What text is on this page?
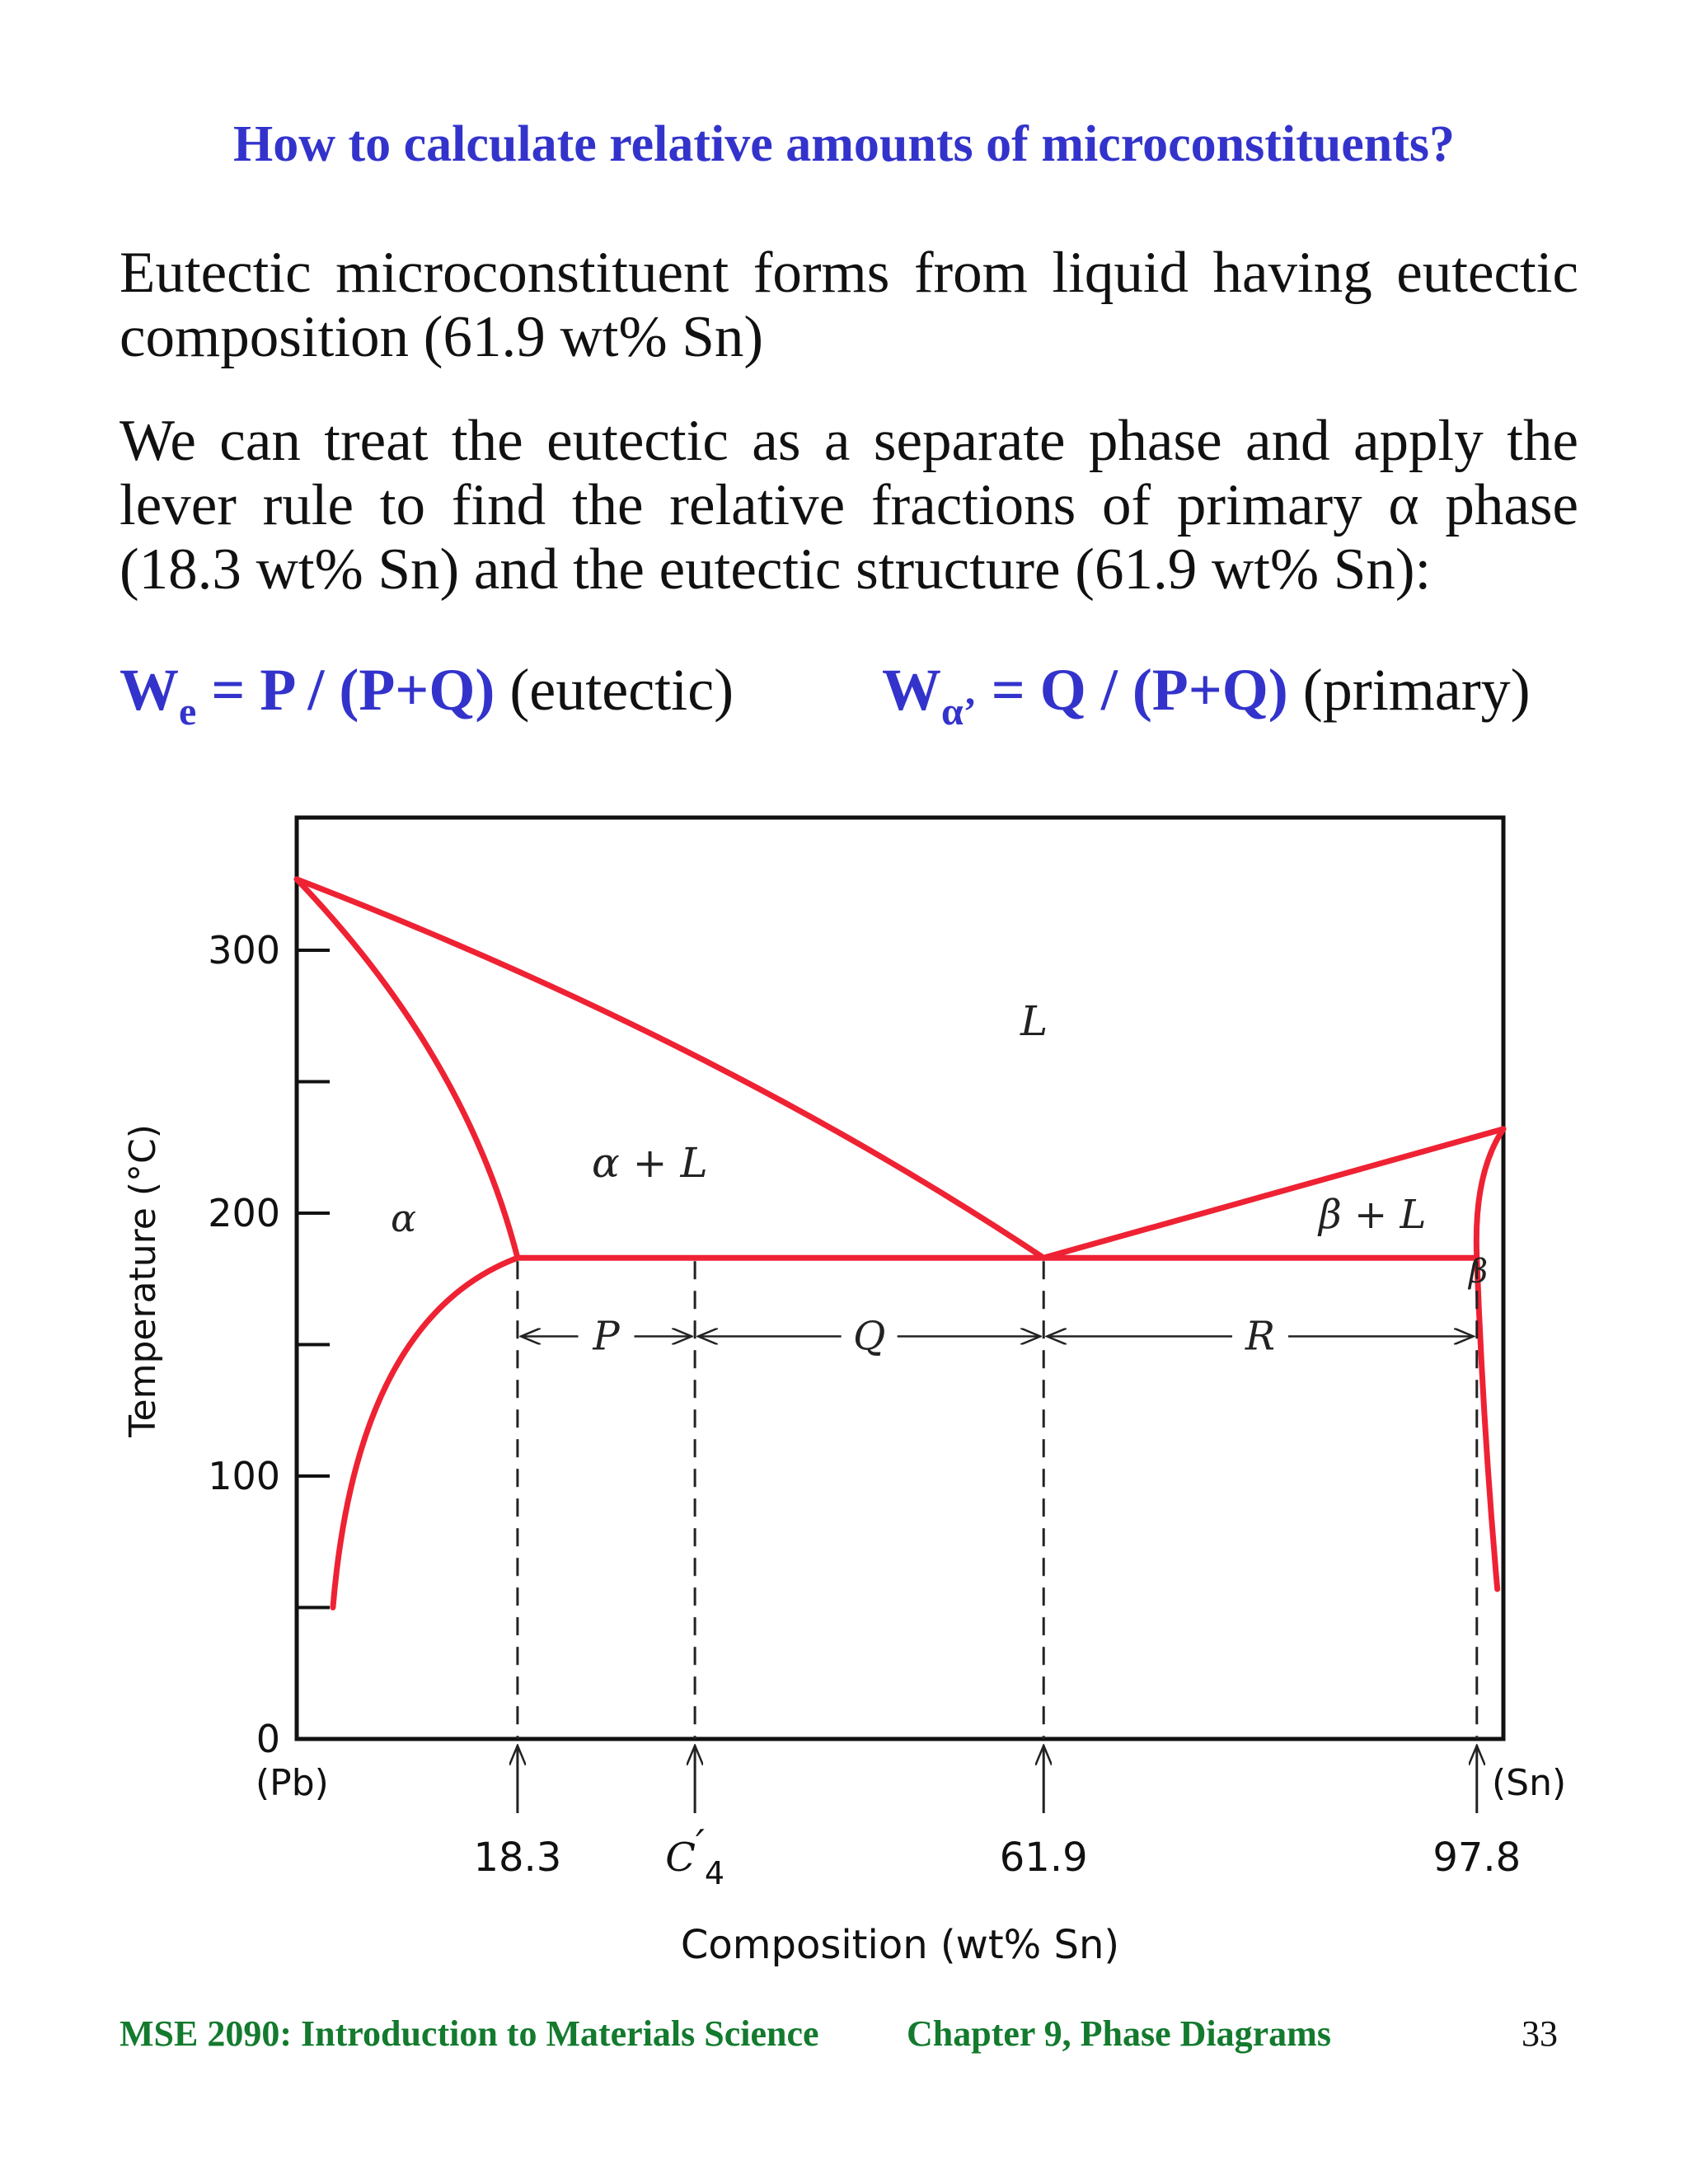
How to calculate relative amounts of microconstituents?
Eutectic microconstituent forms from liquid having eutectic composition (61.9 wt% Sn)
We can treat the eutectic as a separate phase and apply the lever rule to find the relative fractions of primary α phase (18.3 wt% Sn) and the eutectic structure (61.9 wt% Sn):
$W_e = P / (P+Q)$ (eutectic) $W_{\alpha’} = Q / (P+Q)$ (primary)
0
100
200
300
18.3	$C'_4$	61.9	97.8
P	Q	R
Temperature (°C)
Composition (wt% Sn)
(Pb)	(Sn)
L
α + L
α	β + L
β
MSE 2090: Introduction to Materials Science Chapter 9, Phase Diagrams	33
